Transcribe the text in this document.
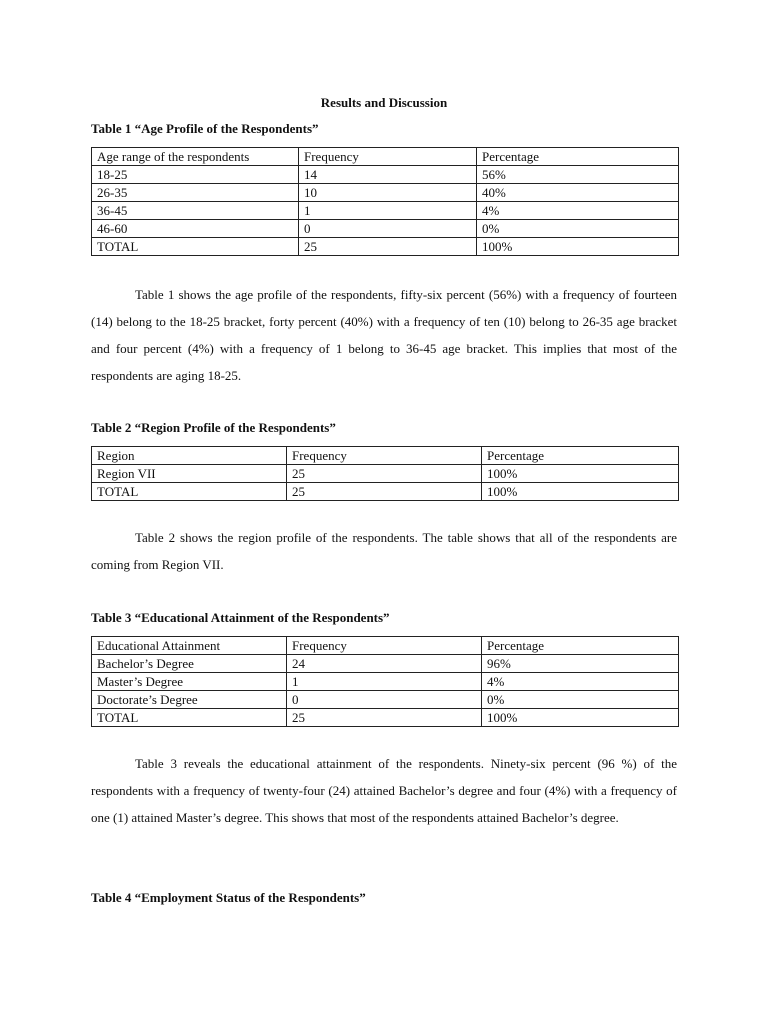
Results and Discussion
Table 1 “Age Profile of the Respondents”
Age range of the respondents	Frequency	Percentage
18-25	14	56%
26-35	10	40%
36-45	1	4%
46-60	0	0%
TOTAL	25	100%

Table 1 shows the age profile of the respondents, fifty-six percent (56%) with a frequency of fourteen (14) belong to the 18-25 bracket, forty percent (40%) with a frequency of ten (10) belong to 26-35 age bracket and four percent (4%) with a frequency of 1 belong to 36-45 age bracket. This implies that most of the respondents are aging 18-25.

Table 2 “Region Profile of the Respondents”
Region	Frequency	Percentage
Region VII	25	100%
TOTAL	25	100%

Table 2 shows the region profile of the respondents. The table shows that all of the respondents are coming from Region VII.

Table 3 “Educational Attainment of the Respondents”
Educational Attainment	Frequency	Percentage
Bachelor’s Degree	24	96%
Master’s Degree	1	4%
Doctorate’s Degree	0	0%
TOTAL	25	100%

Table 3 reveals the educational attainment of the respondents. Ninety-six percent (96 %) of the respondents with a frequency of twenty-four (24) attained Bachelor’s degree and four (4%) with a frequency of one (1) attained Master’s degree. This shows that most of the respondents attained Bachelor’s degree.

Table 4 “Employment Status of the Respondents”
